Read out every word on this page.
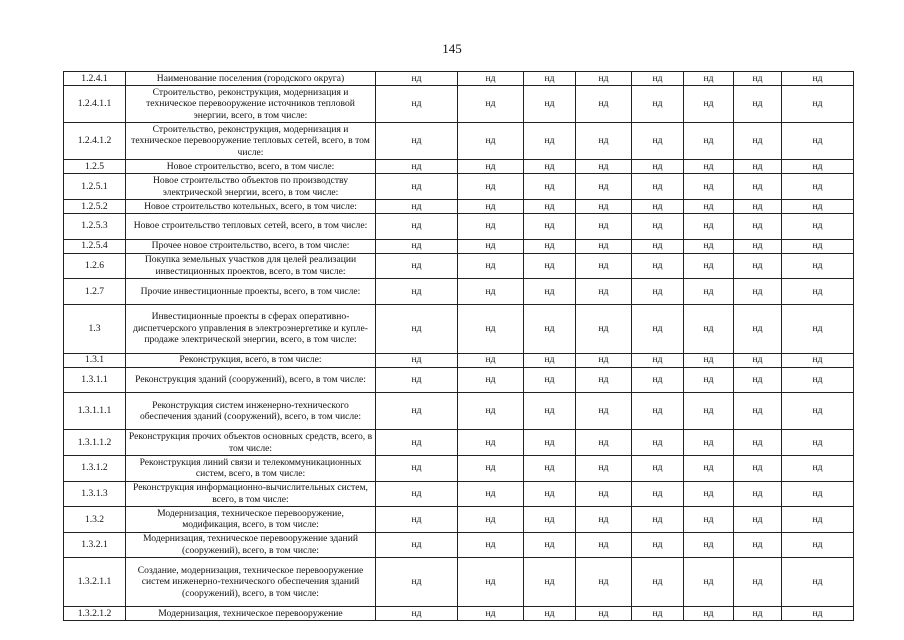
145
1.2.4.1	Наименование поселения (городского округа)	нд	нд	нд	нд	нд	нд	нд	нд
1.2.4.1.1	Строительство, реконструкция, модернизация и техническое перевооружение источников тепловой энергии, всего, в том числе:	нд	нд	нд	нд	нд	нд	нд	нд
1.2.4.1.2	Строительство, реконструкция, модернизация и техническое перевооружение тепловых сетей, всего, в том числе:	нд	нд	нд	нд	нд	нд	нд	нд
1.2.5	Новое строительство, всего, в том числе:	нд	нд	нд	нд	нд	нд	нд	нд
1.2.5.1	Новое строительство объектов по производству электрической энергии, всего, в том числе:	нд	нд	нд	нд	нд	нд	нд	нд
1.2.5.2	Новое строительство котельных, всего, в том числе:	нд	нд	нд	нд	нд	нд	нд	нд
1.2.5.3	Новое строительство тепловых сетей, всего, в том числе:	нд	нд	нд	нд	нд	нд	нд	нд
1.2.5.4	Прочее новое строительство, всего, в том числе:	нд	нд	нд	нд	нд	нд	нд	нд
1.2.6	Покупка земельных участков для целей реализации инвестиционных проектов, всего, в том числе:	нд	нд	нд	нд	нд	нд	нд	нд
1.2.7	Прочие инвестиционные проекты, всего, в том числе:	нд	нд	нд	нд	нд	нд	нд	нд
1.3	Инвестиционные проекты в сферах оперативно-диспетчерского управления в электроэнергетике и купле-продаже электрической энергии, всего, в том числе:	нд	нд	нд	нд	нд	нд	нд	нд
1.3.1	Реконструкция, всего, в том числе:	нд	нд	нд	нд	нд	нд	нд	нд
1.3.1.1	Реконструкция зданий (сооружений), всего, в том числе:	нд	нд	нд	нд	нд	нд	нд	нд
1.3.1.1.1	Реконструкция систем инженерно-технического обеспечения зданий (сооружений), всего, в том числе:	нд	нд	нд	нд	нд	нд	нд	нд
1.3.1.1.2	Реконструкция прочих объектов основных средств, всего, в том числе:	нд	нд	нд	нд	нд	нд	нд	нд
1.3.1.2	Реконструкция линий связи и телекоммуникационных систем, всего, в том числе:	нд	нд	нд	нд	нд	нд	нд	нд
1.3.1.3	Реконструкция информационно-вычислительных систем, всего, в том числе:	нд	нд	нд	нд	нд	нд	нд	нд
1.3.2	Модернизация, техническое перевооружение, модификация, всего, в том числе:	нд	нд	нд	нд	нд	нд	нд	нд
1.3.2.1	Модернизация, техническое перевооружение зданий (сооружений), всего, в том числе:	нд	нд	нд	нд	нд	нд	нд	нд
1.3.2.1.1	Создание, модернизация, техническое перевооружение систем инженерно-технического обеспечения зданий (сооружений), всего, в том числе:	нд	нд	нд	нд	нд	нд	нд	нд
1.3.2.1.2	Модернизация, техническое перевооружение	нд	нд	нд	нд	нд	нд	нд	нд
